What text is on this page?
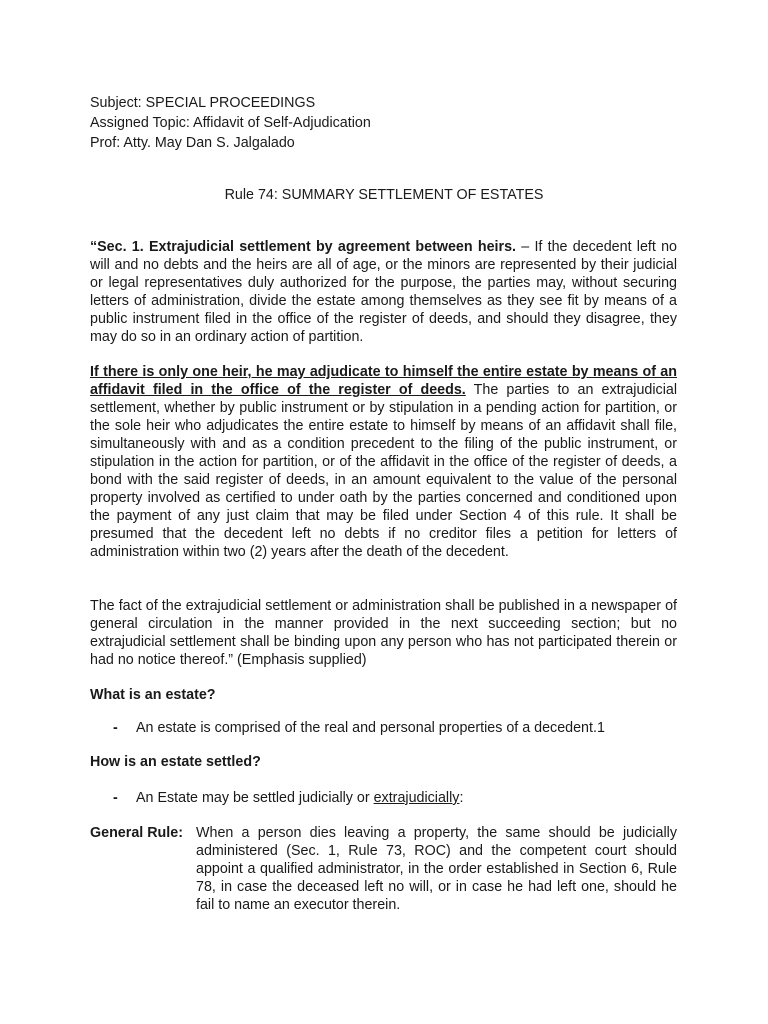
Subject: SPECIAL PROCEEDINGS
Assigned Topic: Affidavit of Self-Adjudication
Prof: Atty. May Dan S. Jalgalado
Rule 74: SUMMARY SETTLEMENT OF ESTATES
“Sec. 1. Extrajudicial settlement by agreement between heirs. – If the decedent left no will and no debts and the heirs are all of age, or the minors are represented by their judicial or legal representatives duly authorized for the purpose, the parties may, without securing letters of administration, divide the estate among themselves as they see fit by means of a public instrument filed in the office of the register of deeds, and should they disagree, they may do so in an ordinary action of partition.
If there is only one heir, he may adjudicate to himself the entire estate by means of an affidavit filed in the office of the register of deeds. The parties to an extrajudicial settlement, whether by public instrument or by stipulation in a pending action for partition, or the sole heir who adjudicates the entire estate to himself by means of an affidavit shall file, simultaneously with and as a condition precedent to the filing of the public instrument, or stipulation in the action for partition, or of the affidavit in the office of the register of deeds, a bond with the said register of deeds, in an amount equivalent to the value of the personal property involved as certified to under oath by the parties concerned and conditioned upon the payment of any just claim that may be filed under Section 4 of this rule. It shall be presumed that the decedent left no debts if no creditor files a petition for letters of administration within two (2) years after the death of the decedent.
The fact of the extrajudicial settlement or administration shall be published in a newspaper of general circulation in the manner provided in the next succeeding section; but no extrajudicial settlement shall be binding upon any person who has not participated therein or had no notice thereof.” (Emphasis supplied)
What is an estate?
- An estate is comprised of the real and personal properties of a decedent.1
How is an estate settled?
- An Estate may be settled judicially or extrajudicially:
General Rule: When a person dies leaving a property, the same should be judicially administered (Sec. 1, Rule 73, ROC) and the competent court should appoint a qualified administrator, in the order established in Section 6, Rule 78, in case the deceased left no will, or in case he had left one, should he fail to name an executor therein.
